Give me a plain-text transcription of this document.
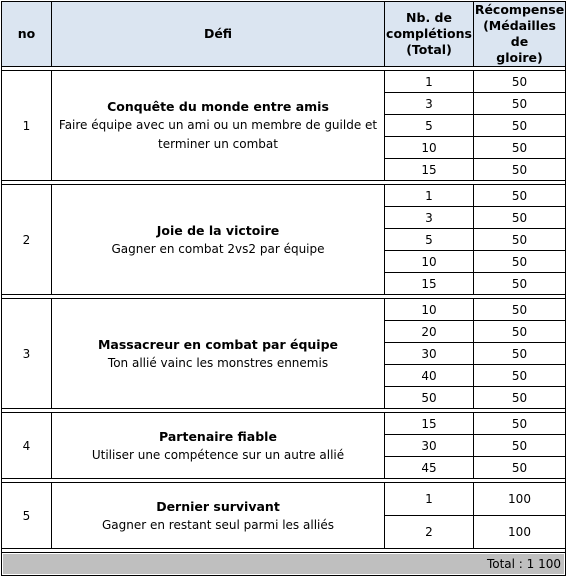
no	Défi	Nb. de
complétions
(Total)	Récompense
(Médailles de
gloire)

1	Conquête du monde entre amis
Faire équipe avec un ami ou un membre de guilde et
terminer un combat	1	50
		3	50
		5	50
		10	50
		15	50

2	Joie de la victoire
Gagner en combat 2vs2 par équipe	1	50
		3	50
		5	50
		10	50
		15	50

3	Massacreur en combat par équipe
Ton allié vainc les monstres ennemis	10	50
		20	50
		30	50
		40	50
		50	50

4	Partenaire fiable
Utiliser une compétence sur un autre allié	15	50
		30	50
		45	50

5	Dernier survivant
Gagner en restant seul parmi les alliés	1	100
		2	100

Total : 1 100			
